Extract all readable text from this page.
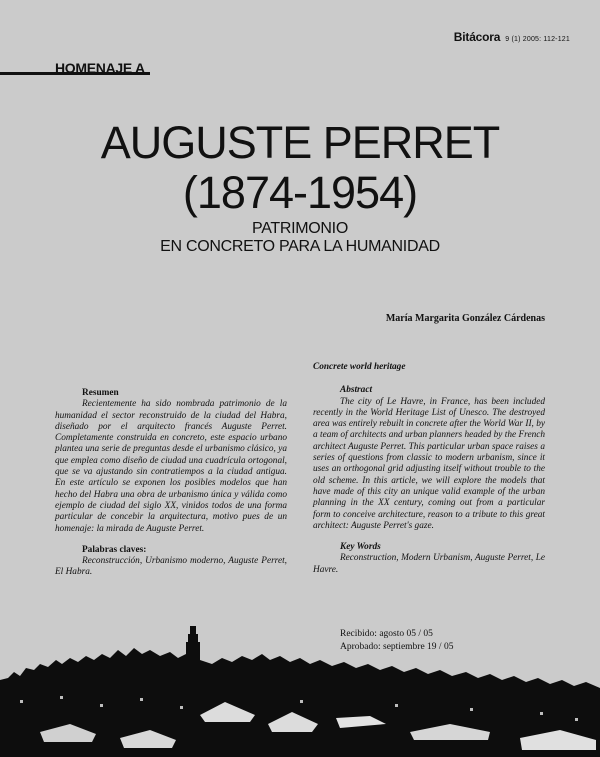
Bitácora 9 (1) 2005: 112-121
HOMENAJE A
AUGUSTE PERRET
(1874-1954)
PATRIMONIO
EN CONCRETO PARA LA HUMANIDAD
María Margarita González Cárdenas
Resumen

Recientemente ha sido nombrada patrimonio de la humanidad el sector reconstruido de la ciudad del Habra, diseñado por el arquitecto francés Auguste Perret. Completamente construida en concreto, este espacio urbano plantea una serie de preguntas desde el urbanismo clásico, ya que emplea como diseño de ciudad una cuadrícula ortogonal, que se va ajustando sin contratiempos a la ciudad antigua. En este artículo se exponen los posibles modelos que han hecho del Habra una obra de urbanismo única y válida como ejemplo de ciudad del siglo XX, vinidos todos de una forma particular de concebir la arquitectura, motivo pues de un homenaje: la mirada de Auguste Perret.

Palabras claves:

Reconstrucción, Urbanismo moderno, Auguste Perret, El Habra.

Concrete world heritage
Abstract

The city of Le Havre, in France, has been included recently in the World Heritage List of Unesco. The destroyed area was entirely rebuilt in concrete after the World War II, by a team of architects and urban planners headed by the French architect Auguste Perret. This particular urban space raises a series of questions from classic to modern urbanism, since it uses an orthogonal grid adjusting itself without trouble to the old scheme. In this article, we will explore the models that have made of this city an unique valid example of the urban planning in the XX century, coming out from a particular form to conceive architecture, reason to a tribute to this great architect: Auguste Perret's gaze.

Key Words

Reconstruction, Modern Urbanism, Auguste Perret, Le Havre.

Recibido: agosto 05 / 05
Aprobado: septiembre 19 / 05
